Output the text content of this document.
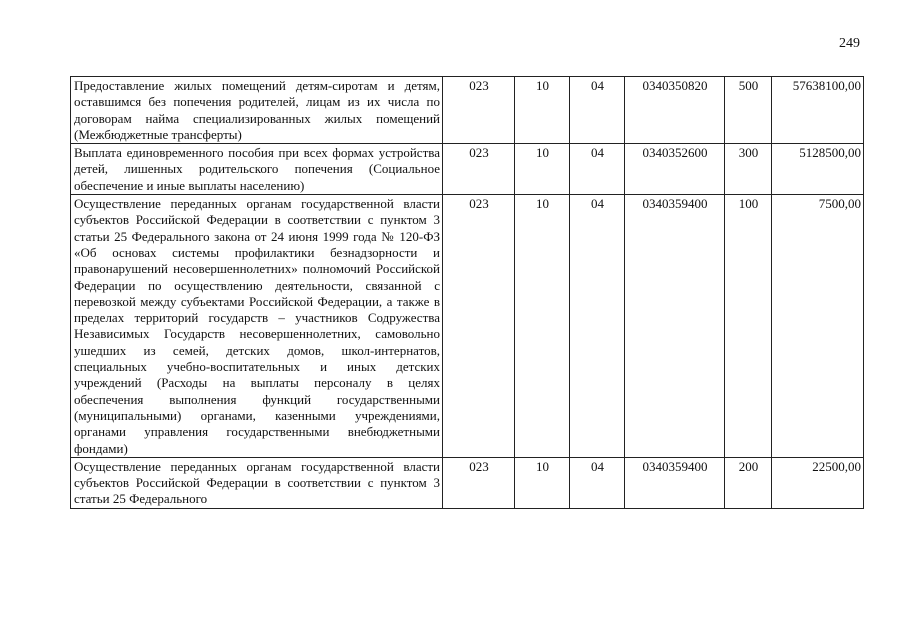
249
Предоставление жилых помещений детям-сиротам и детям, оставшимся без попечения родителей, лицам из их числа по договорам найма специализированных жилых помещений (Межбюджетные трансферты)	023	10	04	0340350820	500	57638100,00
Выплата единовременного пособия при всех формах устройства детей, лишенных родительского попечения (Социальное обеспечение и иные выплаты населению)	023	10	04	0340352600	300	5128500,00
Осуществление переданных органам государственной власти субъектов Российской Федерации в соответствии с пунктом 3 статьи 25 Федерального закона от 24 июня 1999 года № 120-ФЗ «Об основах системы профилактики безнадзорности и правонарушений несовершеннолетних» полномочий Российской Федерации по осуществлению деятельности, связанной с перевозкой между субъектами Российской Федерации, а также в пределах территорий государств – участников Содружества Независимых Государств несовершеннолетних, самовольно ушедших из семей, детских домов, школ-интернатов, специальных учебно-воспитательных и иных детских учреждений (Расходы на выплаты персоналу в целях обеспечения выполнения функций государственными (муниципальными) органами, казенными учреждениями, органами управления государственными внебюджетными фондами)	023	10	04	0340359400	100	7500,00
Осуществление переданных органам государственной власти субъектов Российской Федерации в соответствии с пунктом 3 статьи 25 Федерального	023	10	04	0340359400	200	22500,00
